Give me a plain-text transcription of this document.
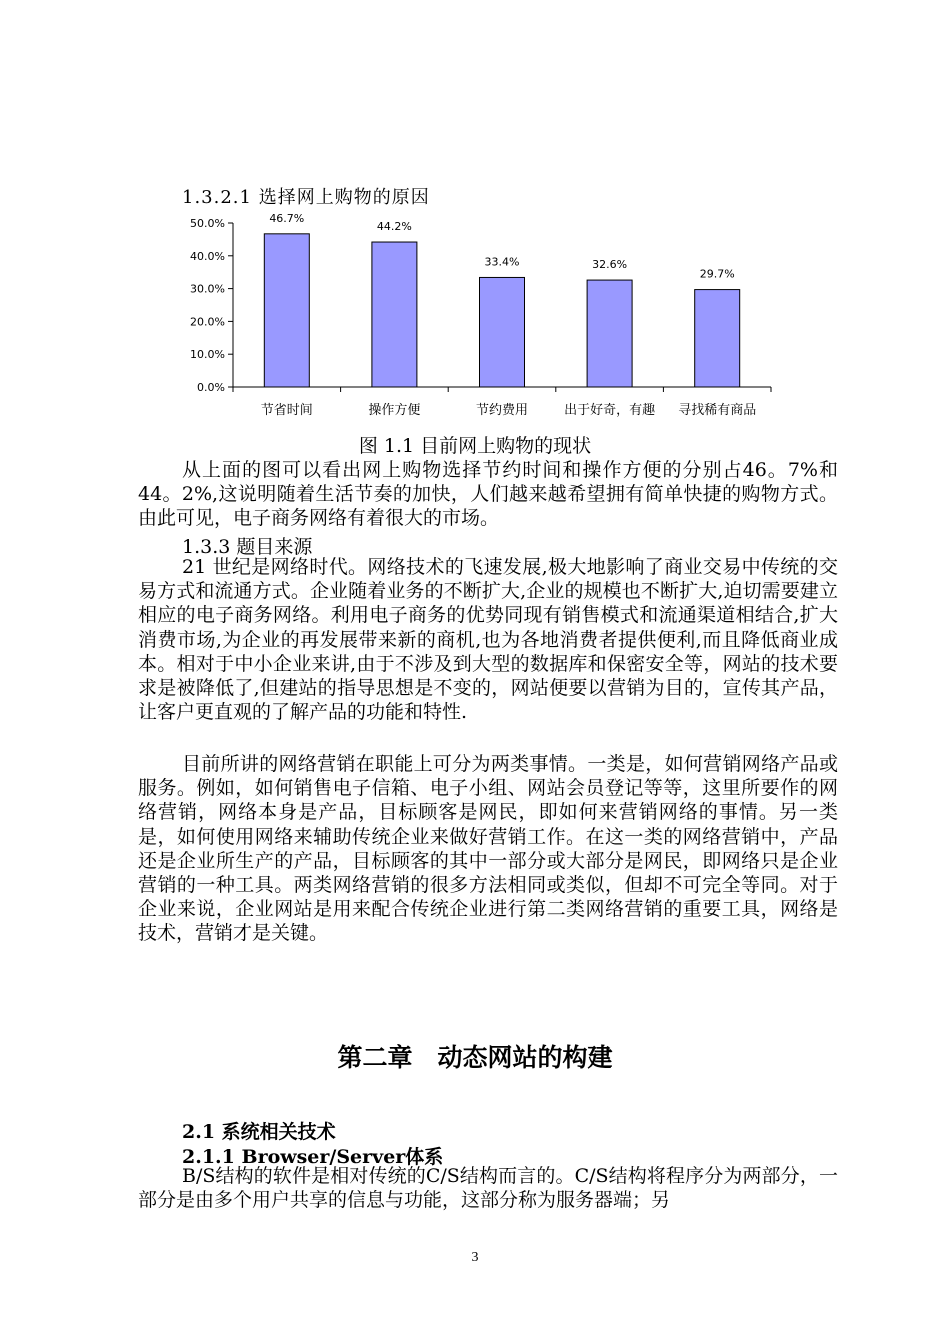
1.3.2.1 选择网上购物的原因
0.0%
10.0%
20.0%
30.0%
40.0%
50.0%	46.7%
44.2%
33.4%	32.6%
29.7%
节省时间	操作方便	节约费用	出于好奇，有趣 寻找稀有商品
图 1.1 目前网上购物的现状

从上面的图可以看出网上购物选择节约时间和操作方便的分别占46。7%和 44。2%,这说明随着生活节奏的加快，人们越来越希望拥有简单快捷的购物方式。由此可见，电子商务网络有着很大的市场。

1.3.3 题目来源

21 世纪是网络时代。网络技术的飞速发展,极大地影响了商业交易中传统的交易方式和流通方式。企业随着业务的不断扩大,企业的规模也不断扩大,迫切需要建立相应的电子商务网络。利用电子商务的优势同现有销售模式和流通渠道相结合,扩大消费市场,为企业的再发展带来新的商机,也为各地消费者提供便利,而且降低商业成本。相对于中小企业来讲,由于不涉及到大型的数据库和保密安全等，网站的技术要求是被降低了,但建站的指导思想是不变的，网站便要以营销为目的，宣传其产品，让客户更直观的了解产品的功能和特性.

目前所讲的网络营销在职能上可分为两类事情。一类是，如何营销网络产品或服务。例如，如何销售电子信箱、电子小组、网站会员登记等等，这里所要作的网络营销，网络本身是产品，目标顾客是网民，即如何来营销网络的事情。另一类是，如何使用网络来辅助传统企业来做好营销工作。在这一类的网络营销中，产品还是企业所生产的产品，目标顾客的其中一部分或大部分是网民，即网络只是企业营销的一种工具。两类网络营销的很多方法相同或类似，但却不可完全等同。对于企业来说，企业网站是用来配合传统企业进行第二类网络营销的重要工具，网络是技术，营销才是关键。

第二章　动态网站的构建
2.1 系统相关技术
2.1.1 Browser/Server体系

B/S结构的软件是相对传统的C/S结构而言的。C/S结构将程序分为两部分，一部分是由多个用户共享的信息与功能，这部分称为服务器端；另

3
